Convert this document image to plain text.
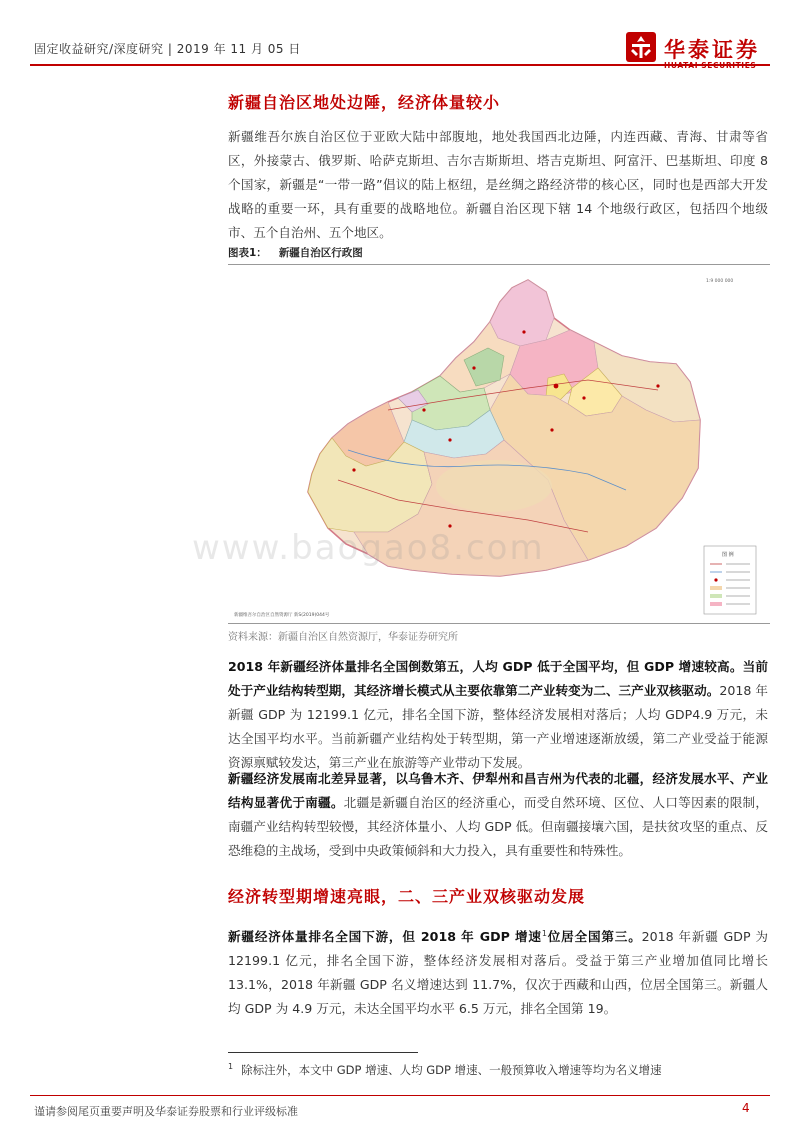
固定收益研究/深度研究 | 2019 年 11 月 05 日	华泰证券
新疆自治区地处边陲，经济体量较小
新疆维吾尔族自治区位于亚欧大陆中部腹地，地处我国西北边陲，内连西藏、青海、甘肃等省区，外接蒙古、俄罗斯、哈萨克斯坦、吉尔吉斯斯坦、塔吉克斯坦、阿富汗、巴基斯坦、印度 8 个国家，新疆是“一带一路”倡议的陆上枢纽，是丝绸之路经济带的核心区，同时也是西部大开发战略的重要一环，具有重要的战略地位。新疆自治区现下辖 14 个地级行政区，包括四个地级市、五个自治州、五个地区。
图表1： 新疆自治区行政图
1:9 000 000
图 例
新疆维吾尔自治区自然资源厅 新S(2019)044号
www.baogao8.com
资料来源：新疆自治区自然资源厅，华泰证券研究所
2018 年新疆经济体量排名全国倒数第五，人均 GDP 低于全国平均，但 GDP 增速较高。当前处于产业结构转型期，其经济增长模式从主要依靠第二产业转变为二、三产业双核驱动。2018 年新疆 GDP 为 12199.1 亿元，排名全国下游，整体经济发展相对落后；人均 GDP4.9 万元，未达全国平均水平。当前新疆产业结构处于转型期，第一产业增速逐渐放缓，第二产业受益于能源资源禀赋较发达，第三产业在旅游等产业带动下发展。
新疆经济发展南北差异显著，以乌鲁木齐、伊犁州和昌吉州为代表的北疆，经济发展水平、产业结构显著优于南疆。北疆是新疆自治区的经济重心，而受自然环境、区位、人口等因素的限制，南疆产业结构转型较慢，其经济体量小、人均 GDP 低。但南疆接壤六国，是扶贫攻坚的重点、反恐维稳的主战场，受到中央政策倾斜和大力投入，具有重要性和特殊性。
经济转型期增速亮眼，二、三产业双核驱动发展
新疆经济体量排名全国下游，但 2018 年 GDP 增速$^1$位居全国第三。2018 年新疆 GDP 为 12199.1 亿元，排名全国下游，整体经济发展相对落后。受益于第三产业增加值同比增长 13.1%，2018 年新疆 GDP 名义增速达到 11.7%，仅次于西藏和山西，位居全国第三。新疆人均 GDP 为 4.9 万元，未达全国平均水平 6.5 万元，排名全国第 19。
$^1$ 除标注外，本文中 GDP 增速、人均 GDP 增速、一般预算收入增速等均为名义增速
谨请参阅尾页重要声明及华泰证券股票和行业评级标准	4
